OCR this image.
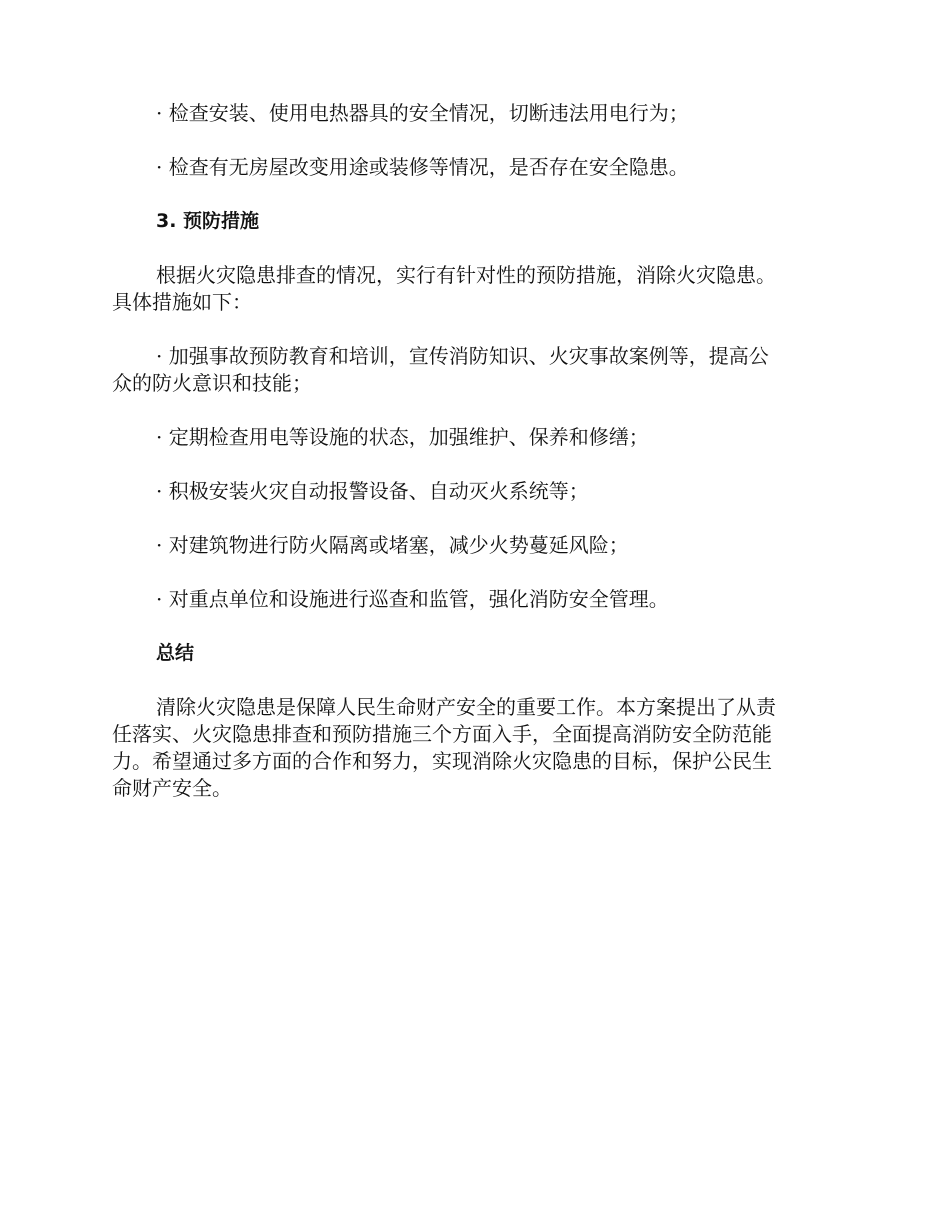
· 检查安装、使用电热器具的安全情况，切断违法用电行为；

· 检查有无房屋改变用途或装修等情况，是否存在安全隐患。

3. 预防措施

根据火灾隐患排查的情况，实行有针对性的预防措施，消除火灾隐患。

具体措施如下：

· 加强事故预防教育和培训，宣传消防知识、火灾事故案例等，提高公

众的防火意识和技能；

· 定期检查用电等设施的状态，加强维护、保养和修缮；

· 积极安装火灾自动报警设备、自动灭火系统等；

· 对建筑物进行防火隔离或堵塞，减少火势蔓延风险；

· 对重点单位和设施进行巡查和监管，强化消防安全管理。

总结

清除火灾隐患是保障人民生命财产安全的重要工作。本方案提出了从责

任落实、火灾隐患排查和预防措施三个方面入手，全面提高消防安全防范能

力。希望通过多方面的合作和努力，实现消除火灾隐患的目标，保护公民生

命财产安全。
